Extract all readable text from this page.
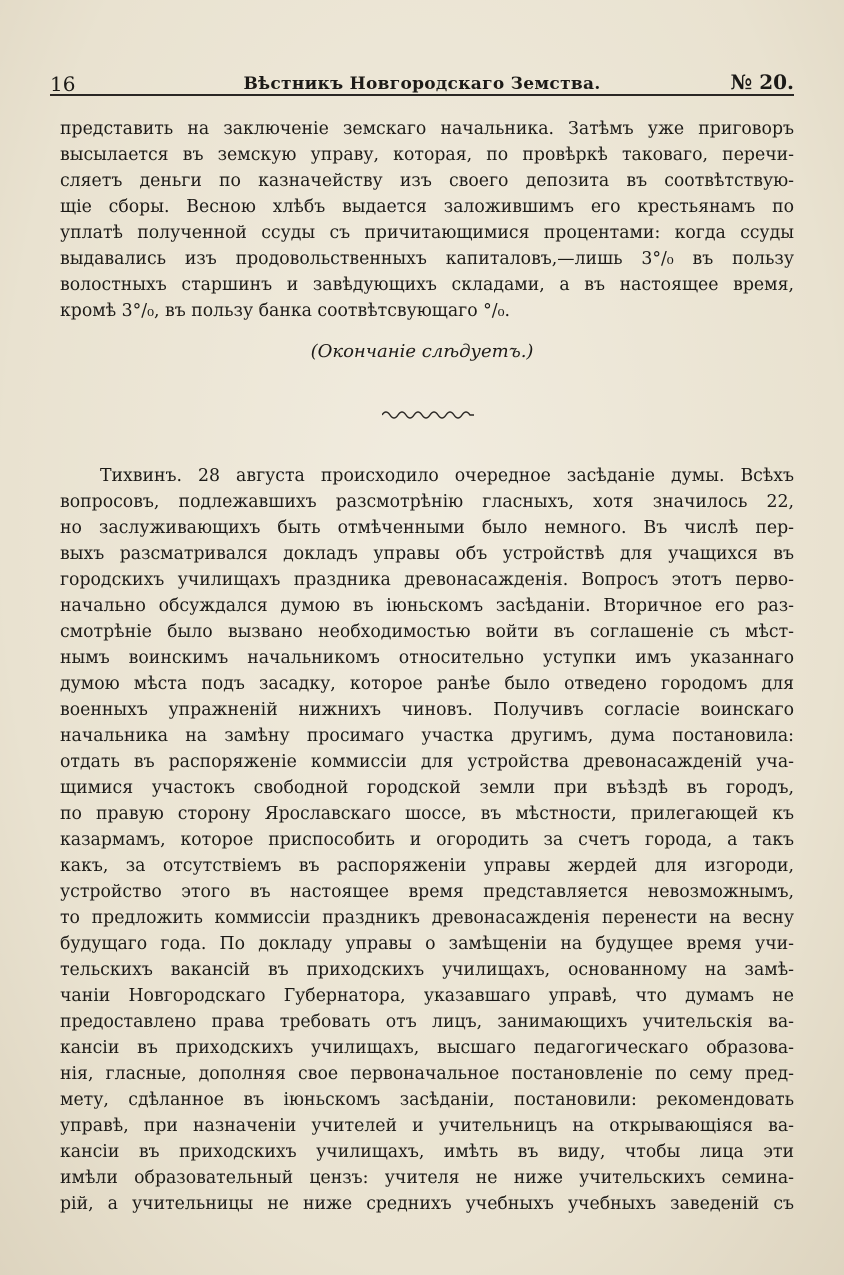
16	Вѣстникъ Новгородскаго Земства.	№ 20.
представить на заключеніе земскаго начальника. Затѣмъ уже приговоръ
высылается въ земскую управу, которая, по провѣркѣ таковаго, перечи-
сляетъ деньги по казначейству изъ своего депозита въ соотвѣтствую-
щіе сборы. Весною хлѣбъ выдается заложившимъ его крестьянамъ по
уплатѣ полученной ссуды съ причитающимися процентами: когда ссуды
выдавались изъ продовольственныхъ капиталовъ,—лишь 3°/₀ въ пользу
волостныхъ старшинъ и завѣдующихъ складами, а въ настоящее время,
кромѣ 3°/₀, въ пользу банка соотвѣтсвующаго °/₀.
(Окончаніе слѣдуетъ.)
Тихвинъ. 28 августа происходило очередное засѣданіе думы. Всѣхъ
вопросовъ, подлежавшихъ разсмотрѣнію гласныхъ, хотя значилось 22,
но заслуживающихъ быть отмѣченными было немного. Въ числѣ пер-
выхъ разсматривался докладъ управы объ устройствѣ для учащихся въ
городскихъ училищахъ праздника древонасажденія. Вопросъ этотъ перво-
начально обсуждался думою въ іюньскомъ засѣданіи. Вторичное его раз-
смотрѣніе было вызвано необходимостью войти въ соглашеніе съ мѣст-
нымъ воинскимъ начальникомъ относительно уступки имъ указаннаго
думою мѣста подъ засадку, которое ранѣе было отведено городомъ для
военныхъ упражненій нижнихъ чиновъ. Получивъ согласіе воинскаго
начальника на замѣну просимаго участка другимъ, дума постановила:
отдать въ распоряженіе коммиссіи для устройства древонасажденій уча-
щимися участокъ свободной городской земли при въѣздѣ въ городъ,
по правую сторону Ярославскаго шоссе, въ мѣстности, прилегающей къ
казармамъ, которое приспособить и огородить за счетъ города, а такъ
какъ, за отсутствіемъ въ распоряженіи управы жердей для изгороди,
устройство этого въ настоящее время представляется невозможнымъ,
то предложить коммиссіи праздникъ древонасажденія перенести на весну
будущаго года. По докладу управы о замѣщеніи на будущее время учи-
тельскихъ вакансій въ приходскихъ училищахъ, основанному на замѣ-
чаніи Новгородскаго Губернатора, указавшаго управѣ, что думамъ не
предоставлено права требовать отъ лицъ, занимающихъ учительскія ва-
кансіи въ приходскихъ училищахъ, высшаго педагогическаго образова-
нія, гласные, дополняя свое первоначальное постановленіе по сему пред-
мету, сдѣланное въ іюньскомъ засѣданіи, постановили: рекомендовать
управѣ, при назначеніи учителей и учительницъ на открывающіяся ва-
кансіи въ приходскихъ училищахъ, имѣть въ виду, чтобы лица эти
имѣли образовательный цензъ: учителя не ниже учительскихъ семина-
рій, а учительницы не ниже среднихъ учебныхъ учебныхъ заведеній съ
